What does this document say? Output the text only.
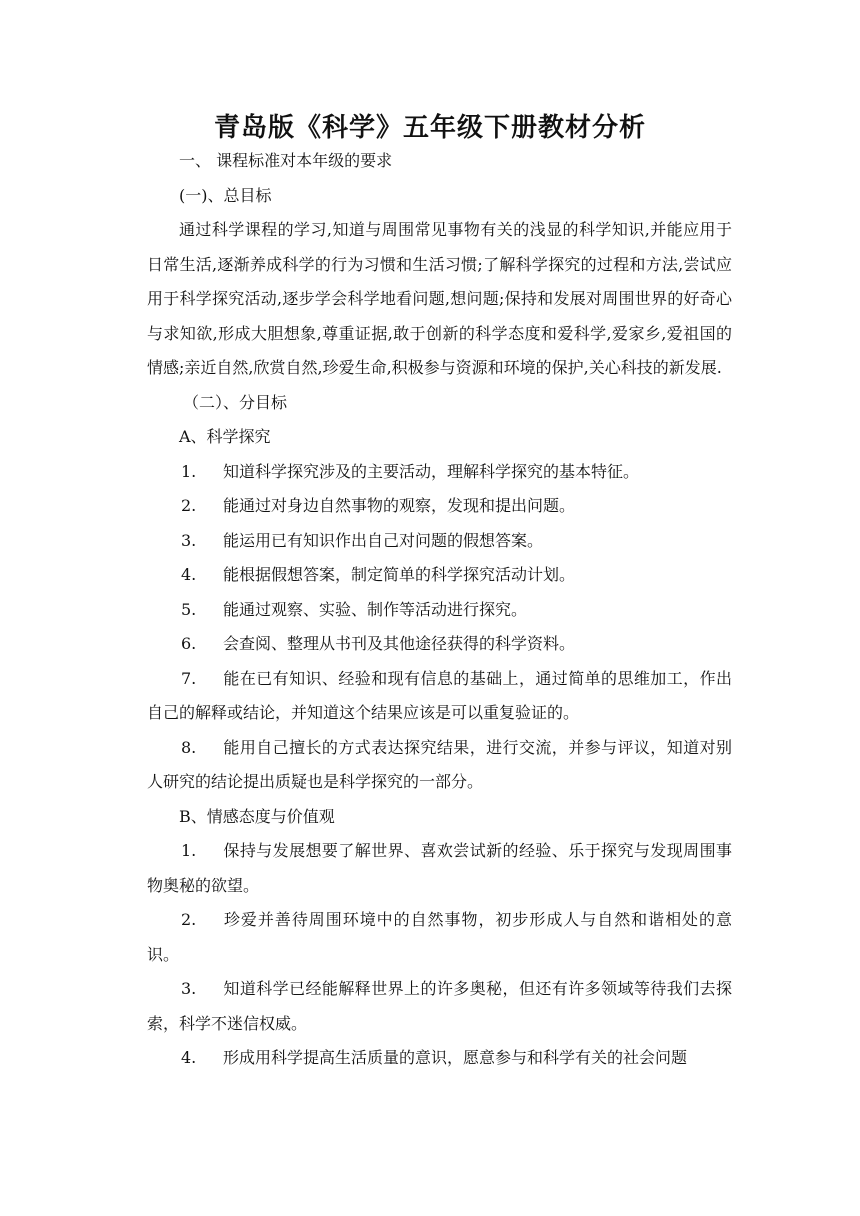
青岛版《科学》五年级下册教材分析

一、 课程标准对本年级的要求

(一)、总目标

通过科学课程的学习,知道与周围常见事物有关的浅显的科学知识,并能应用于日常生活,逐渐养成科学的行为习惯和生活习惯;了解科学探究的过程和方法,尝试应用于科学探究活动,逐步学会科学地看问题,想问题;保持和发展对周围世界的好奇心与求知欲,形成大胆想象,尊重证据,敢于创新的科学态度和爱科学,爱家乡,爱祖国的情感;亲近自然,欣赏自然,珍爱生命,积极参与资源和环境的保护,关心科技的新发展.

（二）、分目标

A、科学探究

1. 知道科学探究涉及的主要活动，理解科学探究的基本特征。

2. 能通过对身边自然事物的观察，发现和提出问题。

3. 能运用已有知识作出自己对问题的假想答案。

4. 能根据假想答案，制定简单的科学探究活动计划。

5. 能通过观察、实验、制作等活动进行探究。

6. 会查阅、整理从书刊及其他途径获得的科学资料。

7. 能在已有知识、经验和现有信息的基础上，通过简单的思维加工，作出自己的解释或结论，并知道这个结果应该是可以重复验证的。

8. 能用自己擅长的方式表达探究结果，进行交流，并参与评议，知道对别人研究的结论提出质疑也是科学探究的一部分。

B、情感态度与价值观

1. 保持与发展想要了解世界、喜欢尝试新的经验、乐于探究与发现周围事物奥秘的欲望。

2. 珍爱并善待周围环境中的自然事物，初步形成人与自然和谐相处的意识。

3. 知道科学已经能解释世界上的许多奥秘，但还有许多领域等待我们去探索，科学不迷信权威。

4. 形成用科学提高生活质量的意识，愿意参与和科学有关的社会问题
